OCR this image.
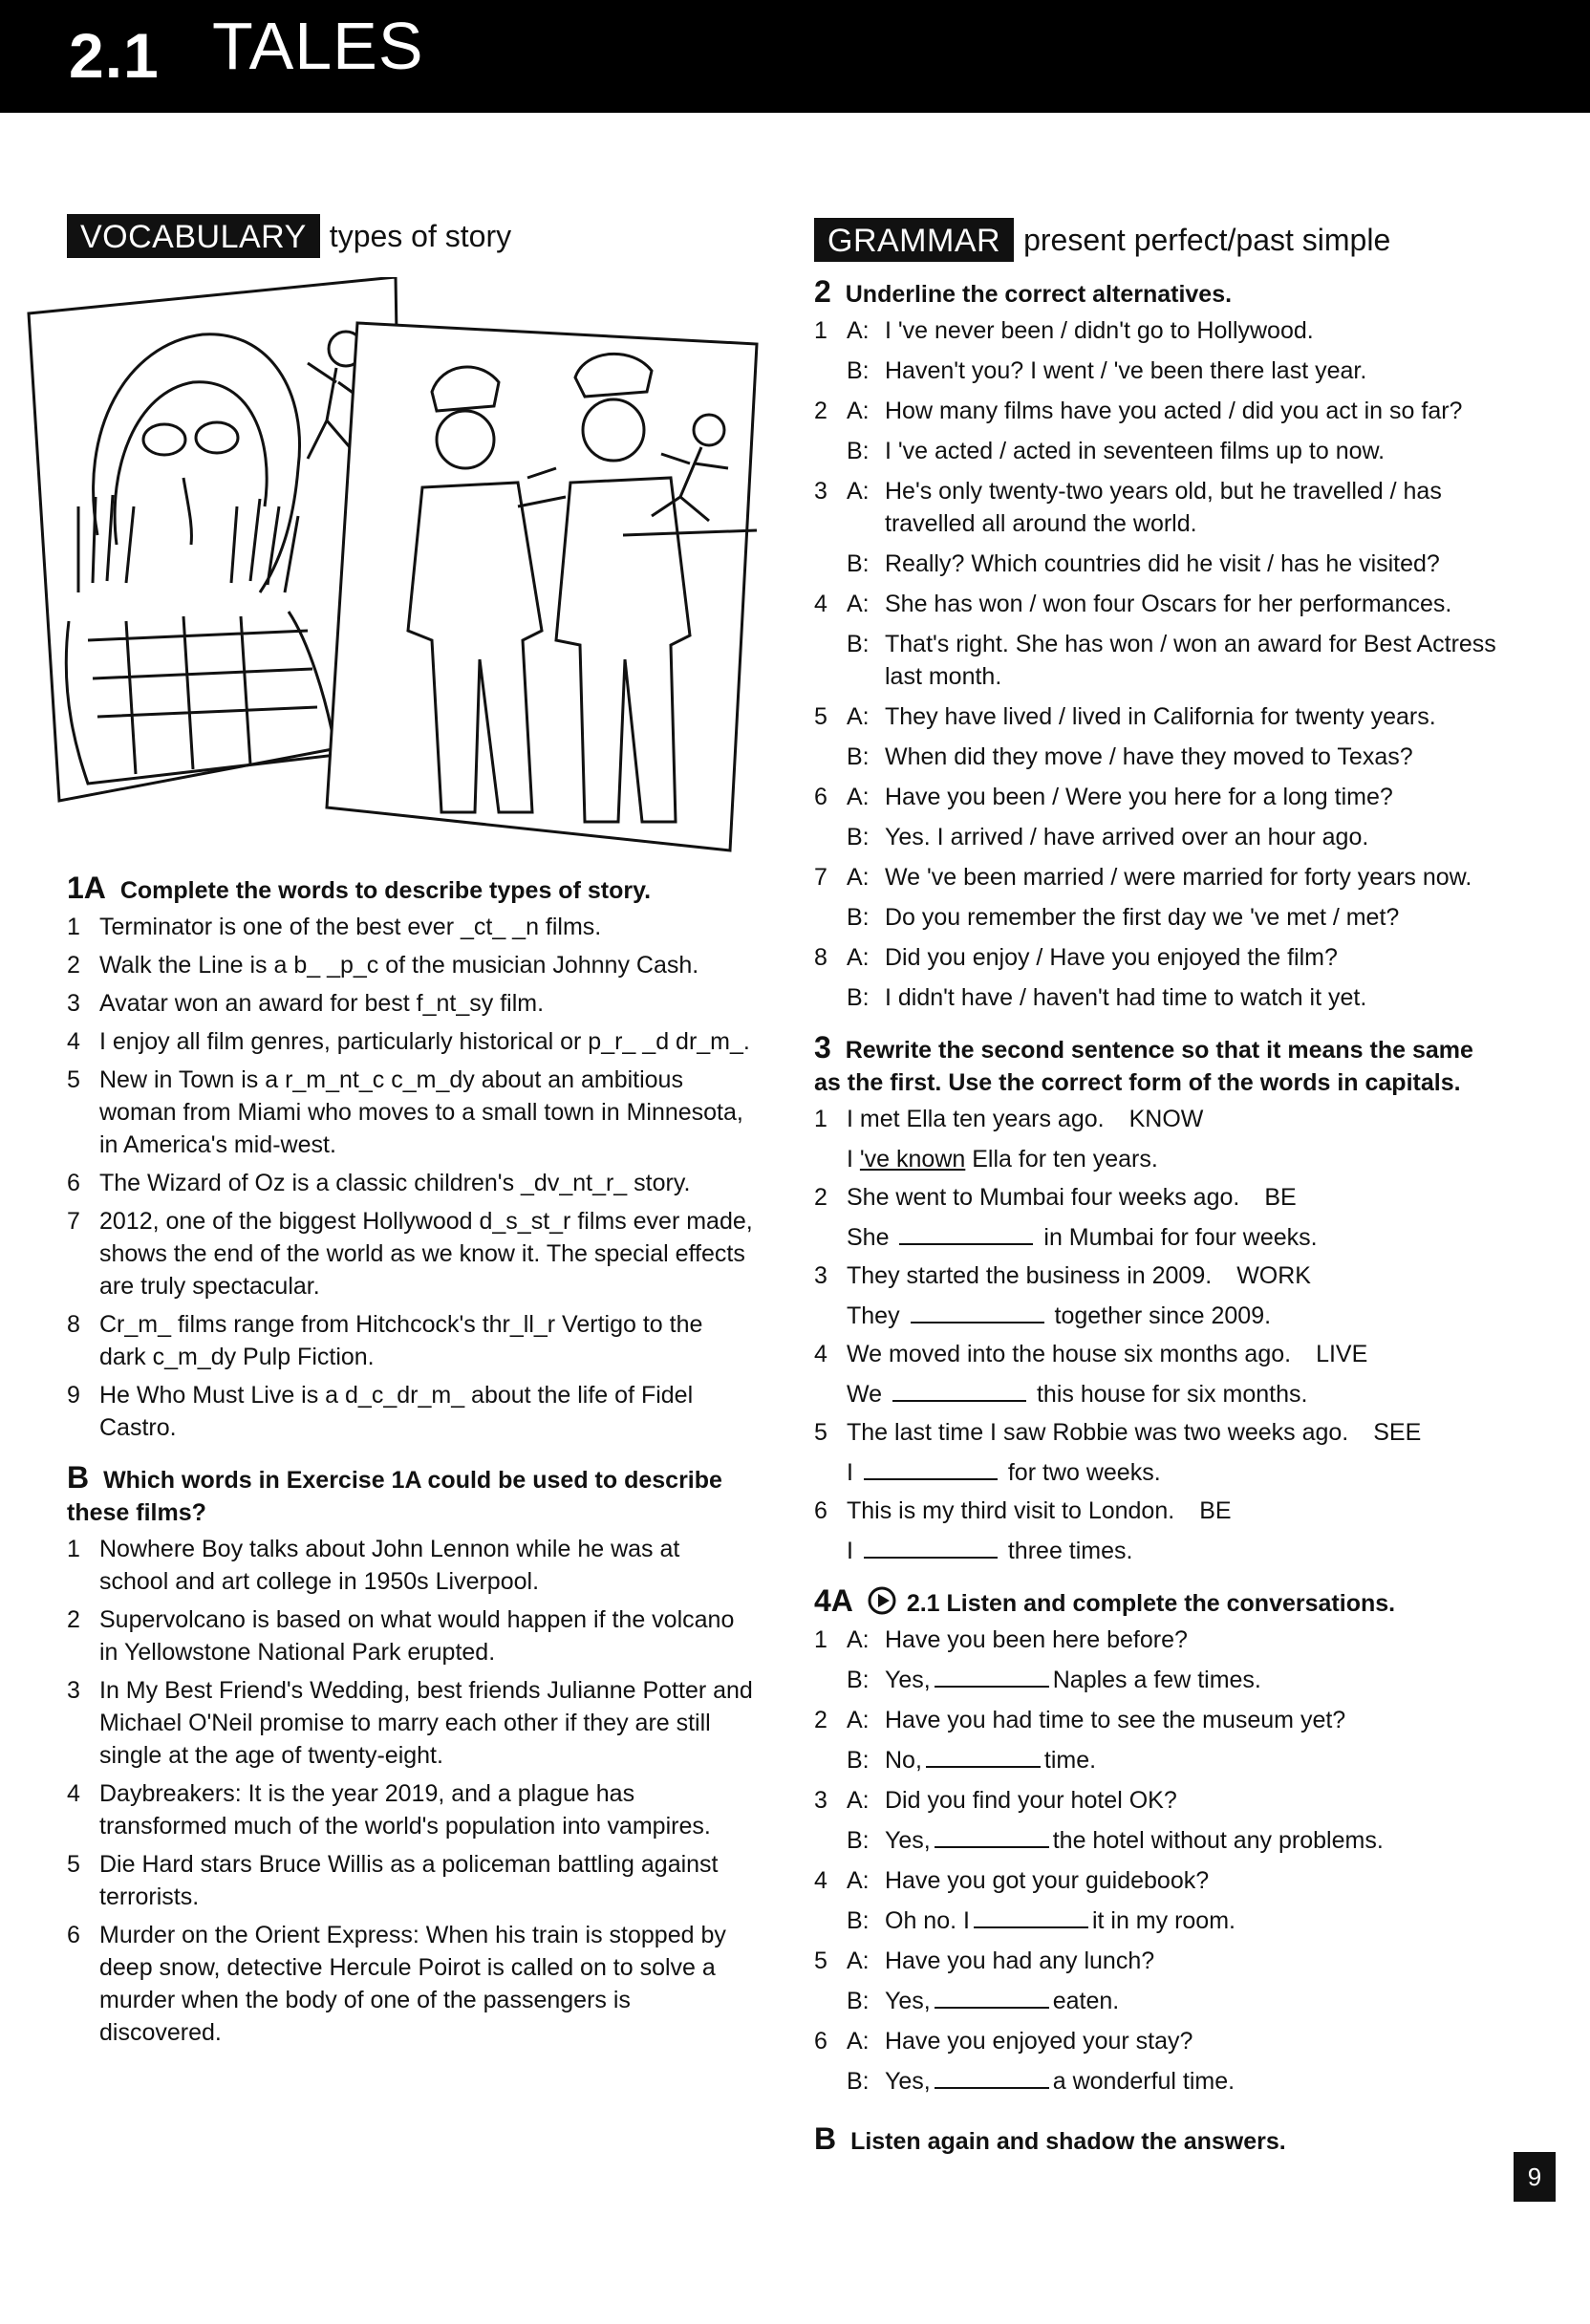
2.1 TALES
VOCABULARY types of story
1A Complete the words to describe types of story.
1 Terminator is one of the best ever _ct_ _n films.
2 Walk the Line is a b_ _p_c of the musician Johnny Cash.
3 Avatar won an award for best f_nt_sy film.
4 I enjoy all film genres, particularly historical or p_r_ _d dr_m_.
5 New in Town is a r_m_nt_c c_m_dy about an ambitious woman from Miami who moves to a small town in Minnesota, in America's mid-west.
6 The Wizard of Oz is a classic children's _dv_nt_r_ story.
7 2012, one of the biggest Hollywood d_s_st_r films ever made, shows the end of the world as we know it. The special effects are truly spectacular.
8 Cr_m_ films range from Hitchcock's thr_ll_r Vertigo to the dark c_m_dy Pulp Fiction.
9 He Who Must Live is a d_c_dr_m_ about the life of Fidel Castro.
B Which words in Exercise 1A could be used to describe these films?
1 Nowhere Boy talks about John Lennon while he was at school and art college in 1950s Liverpool.
2 Supervolcano is based on what would happen if the volcano in Yellowstone National Park erupted.
3 In My Best Friend's Wedding, best friends Julianne Potter and Michael O'Neil promise to marry each other if they are still single at the age of twenty-eight.
4 Daybreakers: It is the year 2019, and a plague has transformed much of the world's population into vampires.
5 Die Hard stars Bruce Willis as a policeman battling against terrorists.
6 Murder on the Orient Express: When his train is stopped by deep snow, detective Hercule Poirot is called on to solve a murder when the body of one of the passengers is discovered.
GRAMMAR present perfect/past simple
2 Underline the correct alternatives.
1 A: I 've never been / didn't go to Hollywood.
B: Haven't you? I went / 've been there last year.
2 A: How many films have you acted / did you act in so far?
B: I 've acted / acted in seventeen films up to now.
3 A: He's only twenty-two years old, but he travelled / has travelled all around the world.
B: Really? Which countries did he visit / has he visited?
4 A: She has won / won four Oscars for her performances.
B: That's right. She has won / won an award for Best Actress last month.
5 A: They have lived / lived in California for twenty years.
B: When did they move / have they moved to Texas?
6 A: Have you been / Were you here for a long time?
B: Yes. I arrived / have arrived over an hour ago.
7 A: We 've been married / were married for forty years now.
B: Do you remember the first day we 've met / met?
8 A: Did you enjoy / Have you enjoyed the film?
B: I didn't have / haven't had time to watch it yet.
3 Rewrite the second sentence so that it means the same as the first. Use the correct form of the words in capitals.
1 I met Ella ten years ago. KNOW
I 've known Ella for ten years.
2 She went to Mumbai four weeks ago. BE
She	in Mumbai for four weeks.
3 They started the business in 2009. WORK
They	together since 2009.
4 We moved into the house six months ago. LIVE
We	this house for six months.
5 The last time I saw Robbie was two weeks ago. SEE
I	for two weeks.
6 This is my third visit to London. BE
I	three times.
4A 2.1 Listen and complete the conversations.
1 A: Have you been here before?
B: Yes,	Naples a few times.
2 A: Have you had time to see the museum yet?
B: No,	time.
3 A: Did you find your hotel OK?
B: Yes,	the hotel without any problems.
4 A: Have you got your guidebook?
B: Oh no. I	it in my room.
5 A: Have you had any lunch?
B: Yes,	eaten.
6 A: Have you enjoyed your stay?
B: Yes,	a wonderful time.
B Listen again and shadow the answers.
9
